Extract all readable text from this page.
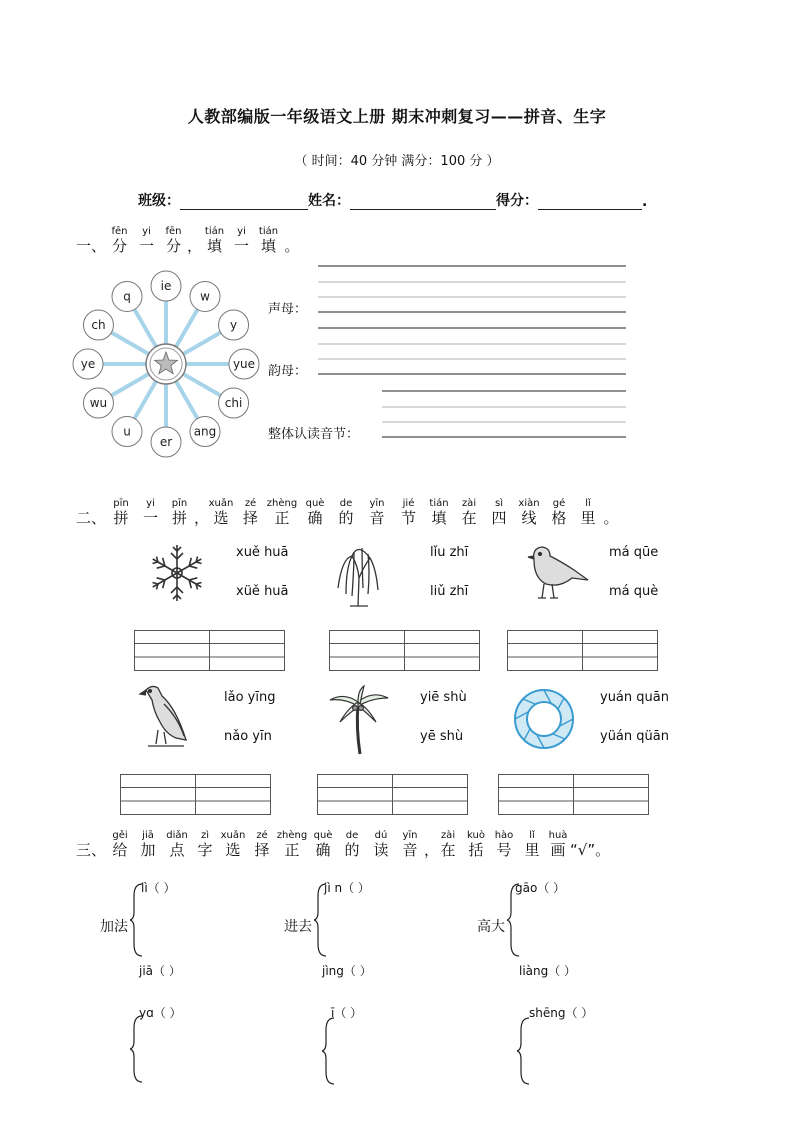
人教部编版一年级语文上册 期末冲刺复习——拼音、生字
（ 时间：40 分钟 满分：100 分 ）
班级：	姓名：	得分：	.
一、
fēn
分
yi
一
fēn
分 ，
tián
填
yi
一
tián
填 。
ie
w
y
yue
chi
ang
er
u
wu
ye
ch
q
声母：
韵母：
整体认读音节：
二、
pīn
拼
yi
一
pīn
拼 ，
xuǎn
选
zé
择
zhèng
正
què
确
de
的
yīn
音
jié
节
tián
填
zài
在
sì
四
xiàn
线
gé
格
lǐ
里 。
xuě huā
xüě huā
lǐu zhī
liǔ zhī
má qūe
má què
lǎo yīng
nǎo yīn
yiē shù
yē shù
yuán quān
yüán qüān
三、
gěi
给
jiā
加
diǎn
点
zì
字
xuǎn
选
zé
择
zhèng
正
què
确
de
的
dú
读
yīn
音 ，
zài
在
kuò
括
hào
号
lǐ
里
huà
画 “√”。
lì（ ）
加法
jiā（ ）
jì n（ ）
进去
jìng（ ）
gāo（ ）
高大
liàng（ ）
yɑ（ ）	ī（ ）	shēng（ ）
